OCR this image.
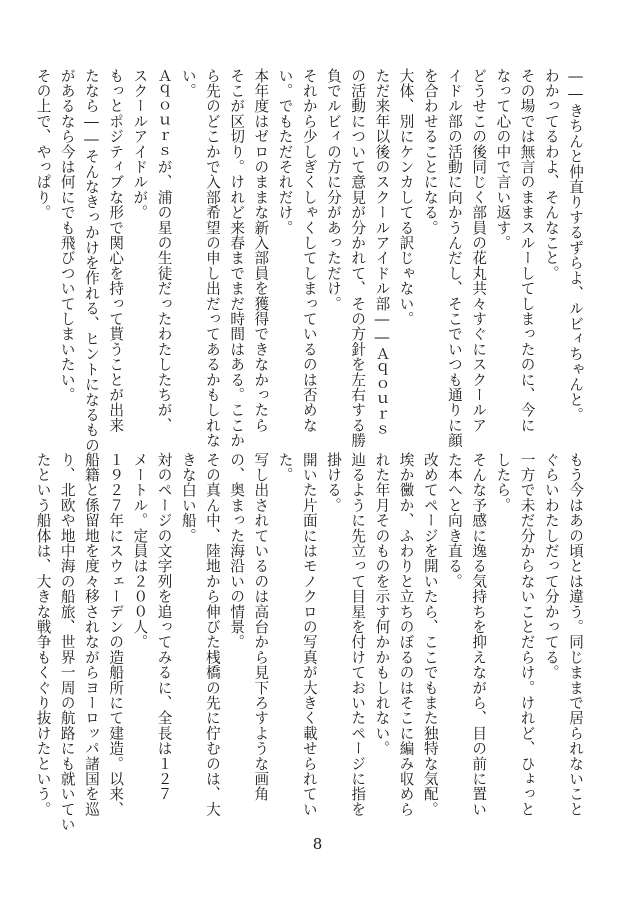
――きちんと仲直りするずらよ、ルビィちゃんと。
わかってるわよ、そんなこと。
その場では無言のままスルーしてしまったのに、今に
なって心の中で言い返す。
どうせこの後同じく部員の花丸共々すぐにスクールア
イドル部の活動に向かうんだし、そこでいつも通りに顔
を合わせることになる。
大体、別にケンカしてる訳じゃない。
ただ来年以後のスクールアイドル部――Ａｑｏｕｒｓ
の活動について意見が分かれて、その方針を左右する勝
負でルビィの方に分があっただけ。
それから少しぎくしゃくしてしまっているのは否めな
い。でもただそれだけ。
本年度はゼロのままな新入部員を獲得できなかったら
そこが区切り。けれど来春までまだ時間はある。ここか
ら先のどこかで入部希望の申し出だってあるかもしれな
い。
Ａｑｏｕｒｓが、浦の星の生徒だったわたしたちが、
スクールアイドルが。
もっとポジティブな形で関心を持って貰うことが出来
たなら――そんなきっかけを作れる、ヒントになるもの
があるなら今は何にでも飛びついてしまいたい。
その上で、やっぱり。
もう今はあの頃とは違う。同じままで居られないこと
ぐらいわたしだって分かってる。
一方で未だ分からないことだらけ。けれど、ひょっと
したら。
そんな予感に逸る気持ちを抑えながら、目の前に置い
た本へと向き直る。
改めてページを開いたら、ここでもまた独特な気配。
埃か黴か、ふわりと立ちのぼるのはそこに編み収めら
れた年月そのものを示す何かかもしれない。
辿るように先立って目星を付けておいたページに指を
掛ける。
開いた片面にはモノクロの写真が大きく載せられてい
た。
写し出されているのは高台から見下ろすような画角
の、奥まった海沿いの情景。
その真ん中、陸地から伸びた桟橋の先に佇むのは、大
きな白い船。
対のページの文字列を追ってみるに、全長は１２７
メートル。定員は２００人。
１９２７年にスウェーデンの造船所にて建造。以来、
船籍と係留地を度々移されながらヨーロッパ諸国を巡
り、北欧や地中海の船旅、世界一周の航路にも就いてい
たという船体は、大きな戦争もくぐり抜けたという。
8
